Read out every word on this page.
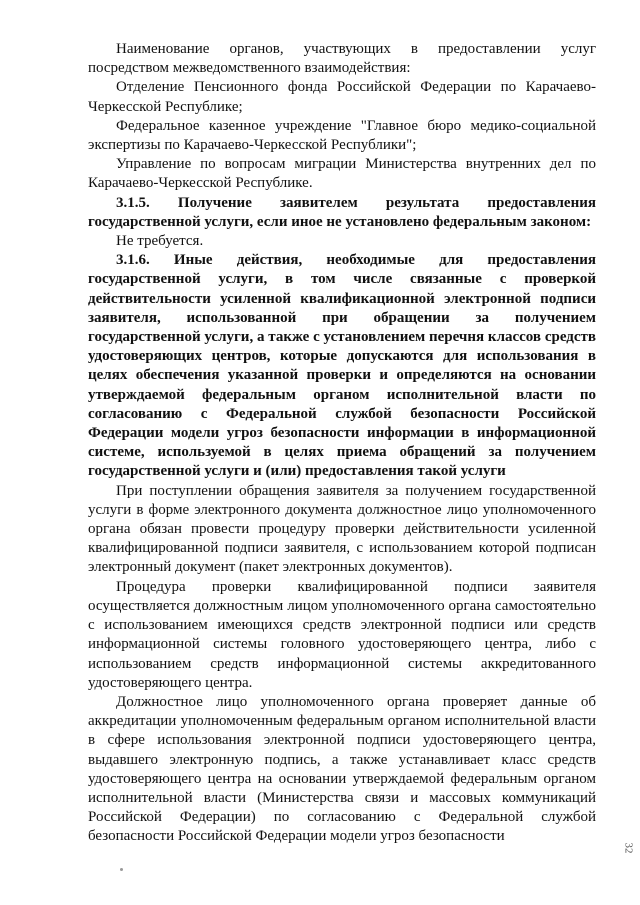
Наименование органов, участвующих в предоставлении услуг посредством межведомственного взаимодействия:

Отделение Пенсионного фонда Российской Федерации по Карачаево-Черкесской Республике;

Федеральное казенное учреждение "Главное бюро медико-социальной экспертизы по Карачаево-Черкесской Республики";

Управление по вопросам миграции Министерства внутренних дел по Карачаево-Черкесской Республике.

3.1.5. Получение заявителем результата предоставления государственной услуги, если иное не установлено федеральным законом:

Не требуется.

3.1.6. Иные действия, необходимые для предоставления государственной услуги, в том числе связанные с проверкой действительности усиленной квалификационной электронной подписи заявителя, использованной при обращении за получением государственной услуги, а также с установлением перечня классов средств удостоверяющих центров, которые допускаются для использования в целях обеспечения указанной проверки и определяются на основании утверждаемой федеральным органом исполнительной власти по согласованию с Федеральной службой безопасности Российской Федерации модели угроз безопасности информации в информационной системе, используемой в целях приема обращений за получением государственной услуги и (или) предоставления такой услуги

При поступлении обращения заявителя за получением государственной услуги в форме электронного документа должностное лицо уполномоченного органа обязан провести процедуру проверки действительности усиленной квалифицированной подписи заявителя, с использованием которой подписан электронный документ (пакет электронных документов).

Процедура проверки квалифицированной подписи заявителя осуществляется должностным лицом уполномоченного органа самостоятельно с использованием имеющихся средств электронной подписи или средств информационной системы головного удостоверяющего центра, либо с использованием средств информационной системы аккредитованного удостоверяющего центра.

Должностное лицо уполномоченного органа проверяет данные об аккредитации уполномоченным федеральным органом исполнительной власти в сфере использования электронной подписи удостоверяющего центра, выдавшего электронную подпись, а также устанавливает класс средств удостоверяющего центра на основании утверждаемой федеральным органом исполнительной власти (Министерства связи и массовых коммуникаций Российской Федерации) по согласованию с Федеральной службой безопасности Российской Федерации модели угроз безопасности

32
